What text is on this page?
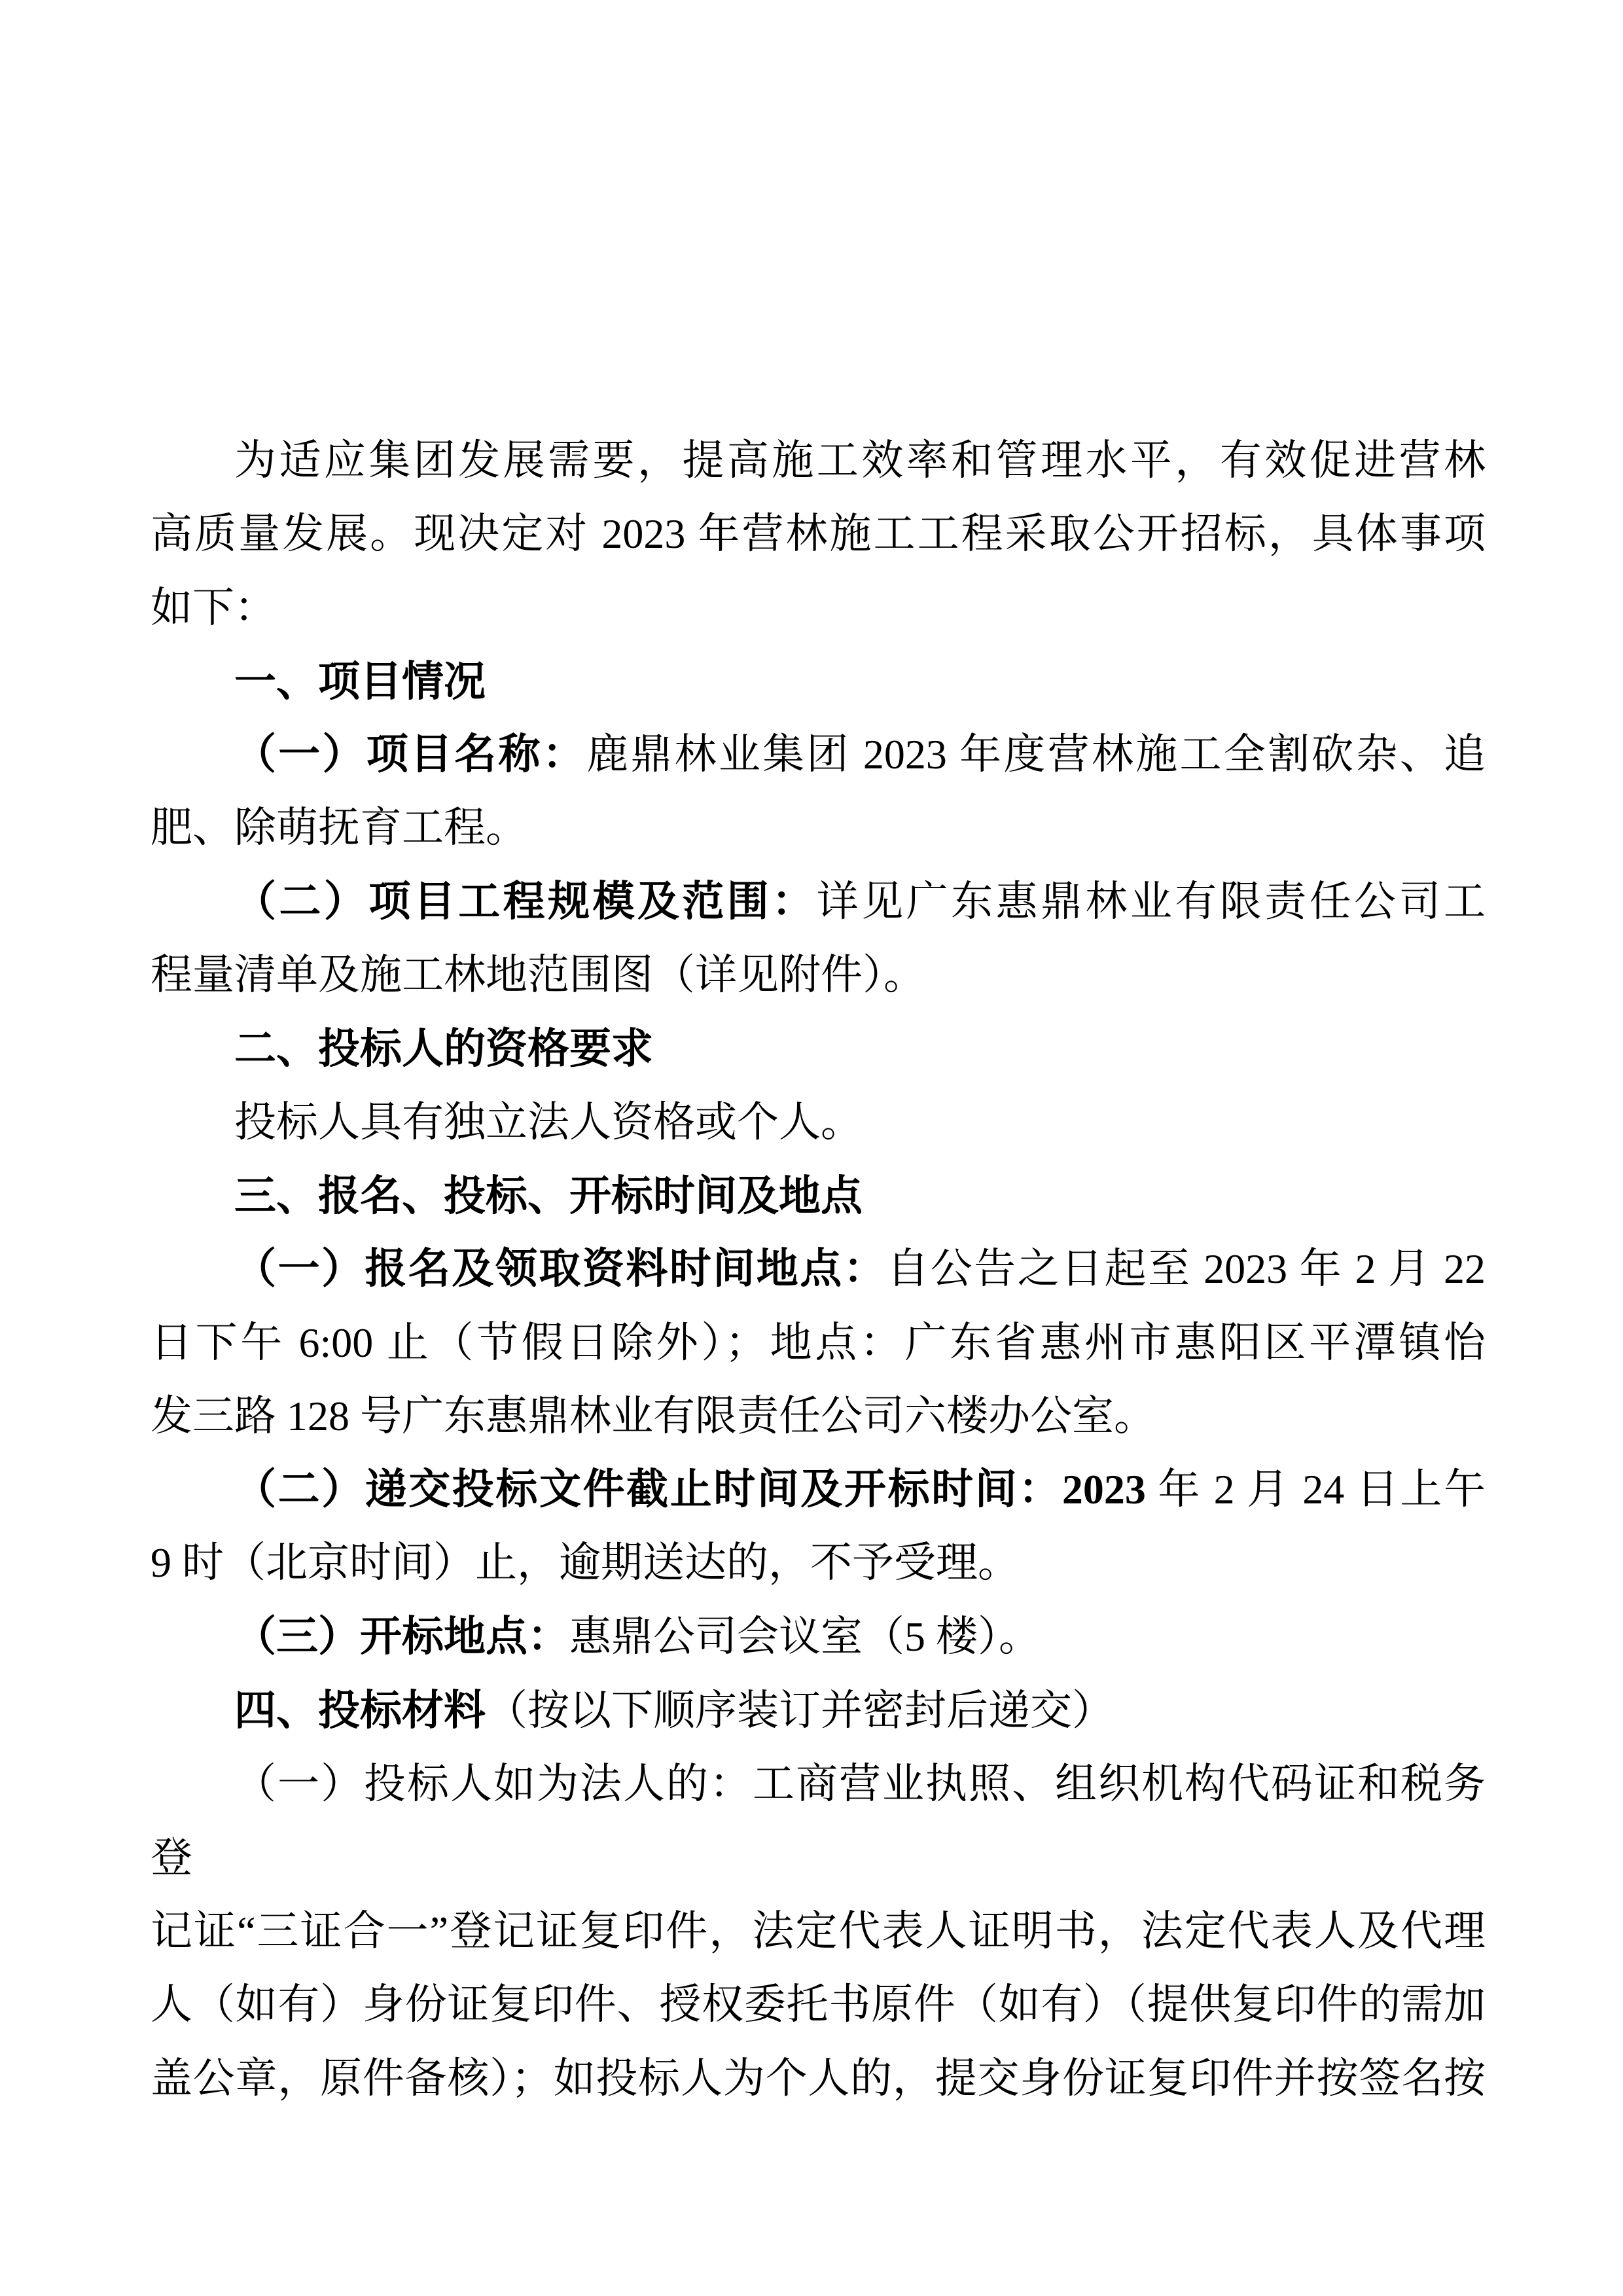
为适应集团发展需要，提高施工效率和管理水平，有效促进营林
高质量发展。现决定对 2023 年营林施工工程采取公开招标，具体事项
如下：
一、项目情况
（一）项目名称：鹿鼎林业集团 2023 年度营林施工全割砍杂、追
肥、除萌抚育工程。
（二）项目工程规模及范围：详见广东惠鼎林业有限责任公司工
程量清单及施工林地范围图（详见附件）。
二、投标人的资格要求
投标人具有独立法人资格或个人。
三、报名、投标、开标时间及地点
（一）报名及领取资料时间地点：自公告之日起至 2023 年 2 月 22
日下午 6:00 止（节假日除外）；地点：广东省惠州市惠阳区平潭镇怡
发三路 128 号广东惠鼎林业有限责任公司六楼办公室。
（二）递交投标文件截止时间及开标时间：2023 年 2 月 24 日上午
9 时（北京时间）止，逾期送达的，不予受理。
（三）开标地点：惠鼎公司会议室（5 楼）。
四、投标材料（按以下顺序装订并密封后递交）
（一）投标人如为法人的：工商营业执照、组织机构代码证和税务登
记证“三证合一”登记证复印件，法定代表人证明书，法定代表人及代理
人（如有）身份证复印件、授权委托书原件（如有）（提供复印件的需加
盖公章，原件备核）；如投标人为个人的，提交身份证复印件并按签名按
